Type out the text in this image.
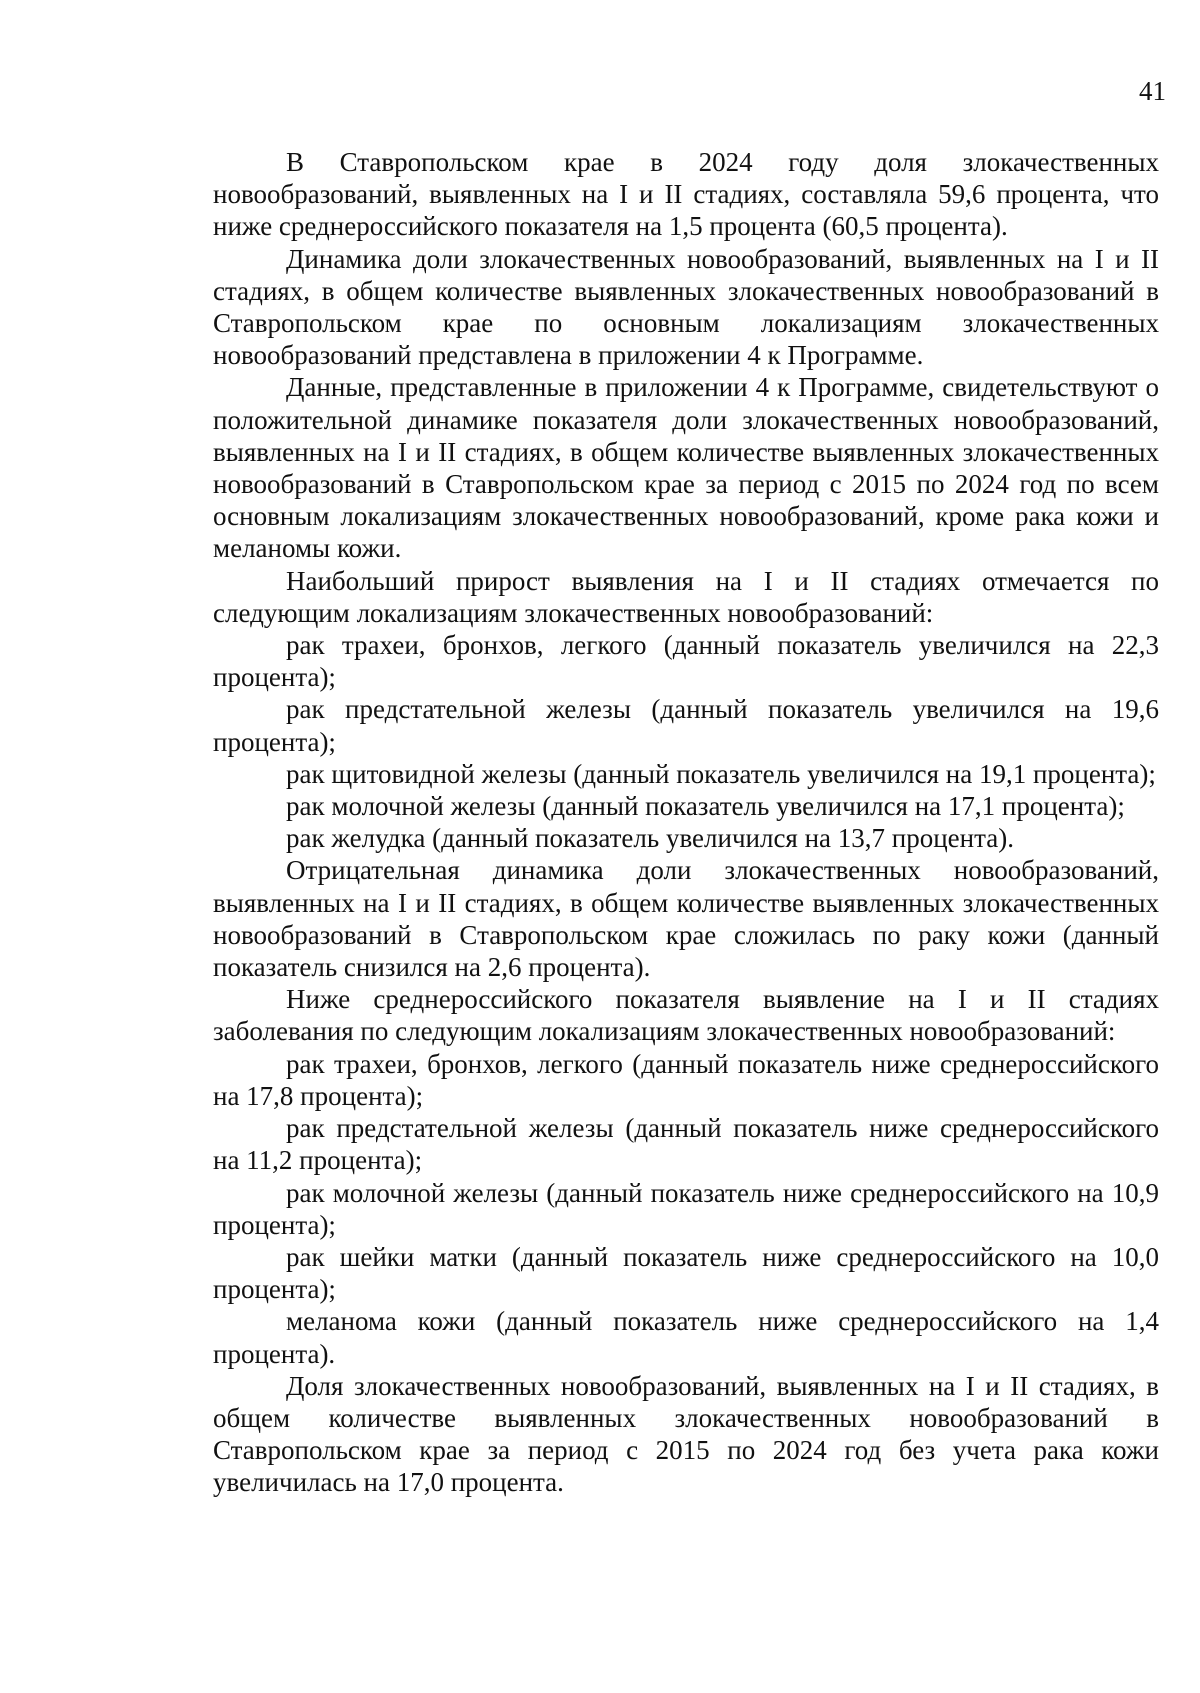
41

В Ставропольском крае в 2024 году доля злокачественных новообразований, выявленных на I и II стадиях, составляла 59,6 процента, что ниже среднероссийского показателя на 1,5 процента (60,5 процента).

Динамика доли злокачественных новообразований, выявленных на I и II стадиях, в общем количестве выявленных злокачественных новообразований в Ставропольском крае по основным локализациям злокачественных новообразований представлена в приложении 4 к Программе.

Данные, представленные в приложении 4 к Программе, свидетельствуют о положительной динамике показателя доли злокачественных новообразований, выявленных на I и II стадиях, в общем количестве выявленных злокачественных новообразований в Ставропольском крае за период с 2015 по 2024 год по всем основным локализациям злокачественных новообразований, кроме рака кожи и меланомы кожи.

Наибольший прирост выявления на I и II стадиях отмечается по следующим локализациям злокачественных новообразований:

рак трахеи, бронхов, легкого (данный показатель увеличился на 22,3 процента);

рак предстательной железы (данный показатель увеличился на 19,6 процента);

рак щитовидной железы (данный показатель увеличился на 19,1 процента);

рак молочной железы (данный показатель увеличился на 17,1 процента);

рак желудка (данный показатель увеличился на 13,7 процента).

Отрицательная динамика доли злокачественных новообразований, выявленных на I и II стадиях, в общем количестве выявленных злокачественных новообразований в Ставропольском крае сложилась по раку кожи (данный показатель снизился на 2,6 процента).

Ниже среднероссийского показателя выявление на I и II стадиях заболевания по следующим локализациям злокачественных новообразований:

рак трахеи, бронхов, легкого (данный показатель ниже среднероссийского на 17,8 процента);

рак предстательной железы (данный показатель ниже среднероссийского на 11,2 процента);

рак молочной железы (данный показатель ниже среднероссийского на 10,9 процента);

рак шейки матки (данный показатель ниже среднероссийского на 10,0 процента);

меланома кожи (данный показатель ниже среднероссийского на 1,4 процента).

Доля злокачественных новообразований, выявленных на I и II стадиях, в общем количестве выявленных злокачественных новообразований в Ставропольском крае за период с 2015 по 2024 год без учета рака кожи увеличилась на 17,0 процента.
